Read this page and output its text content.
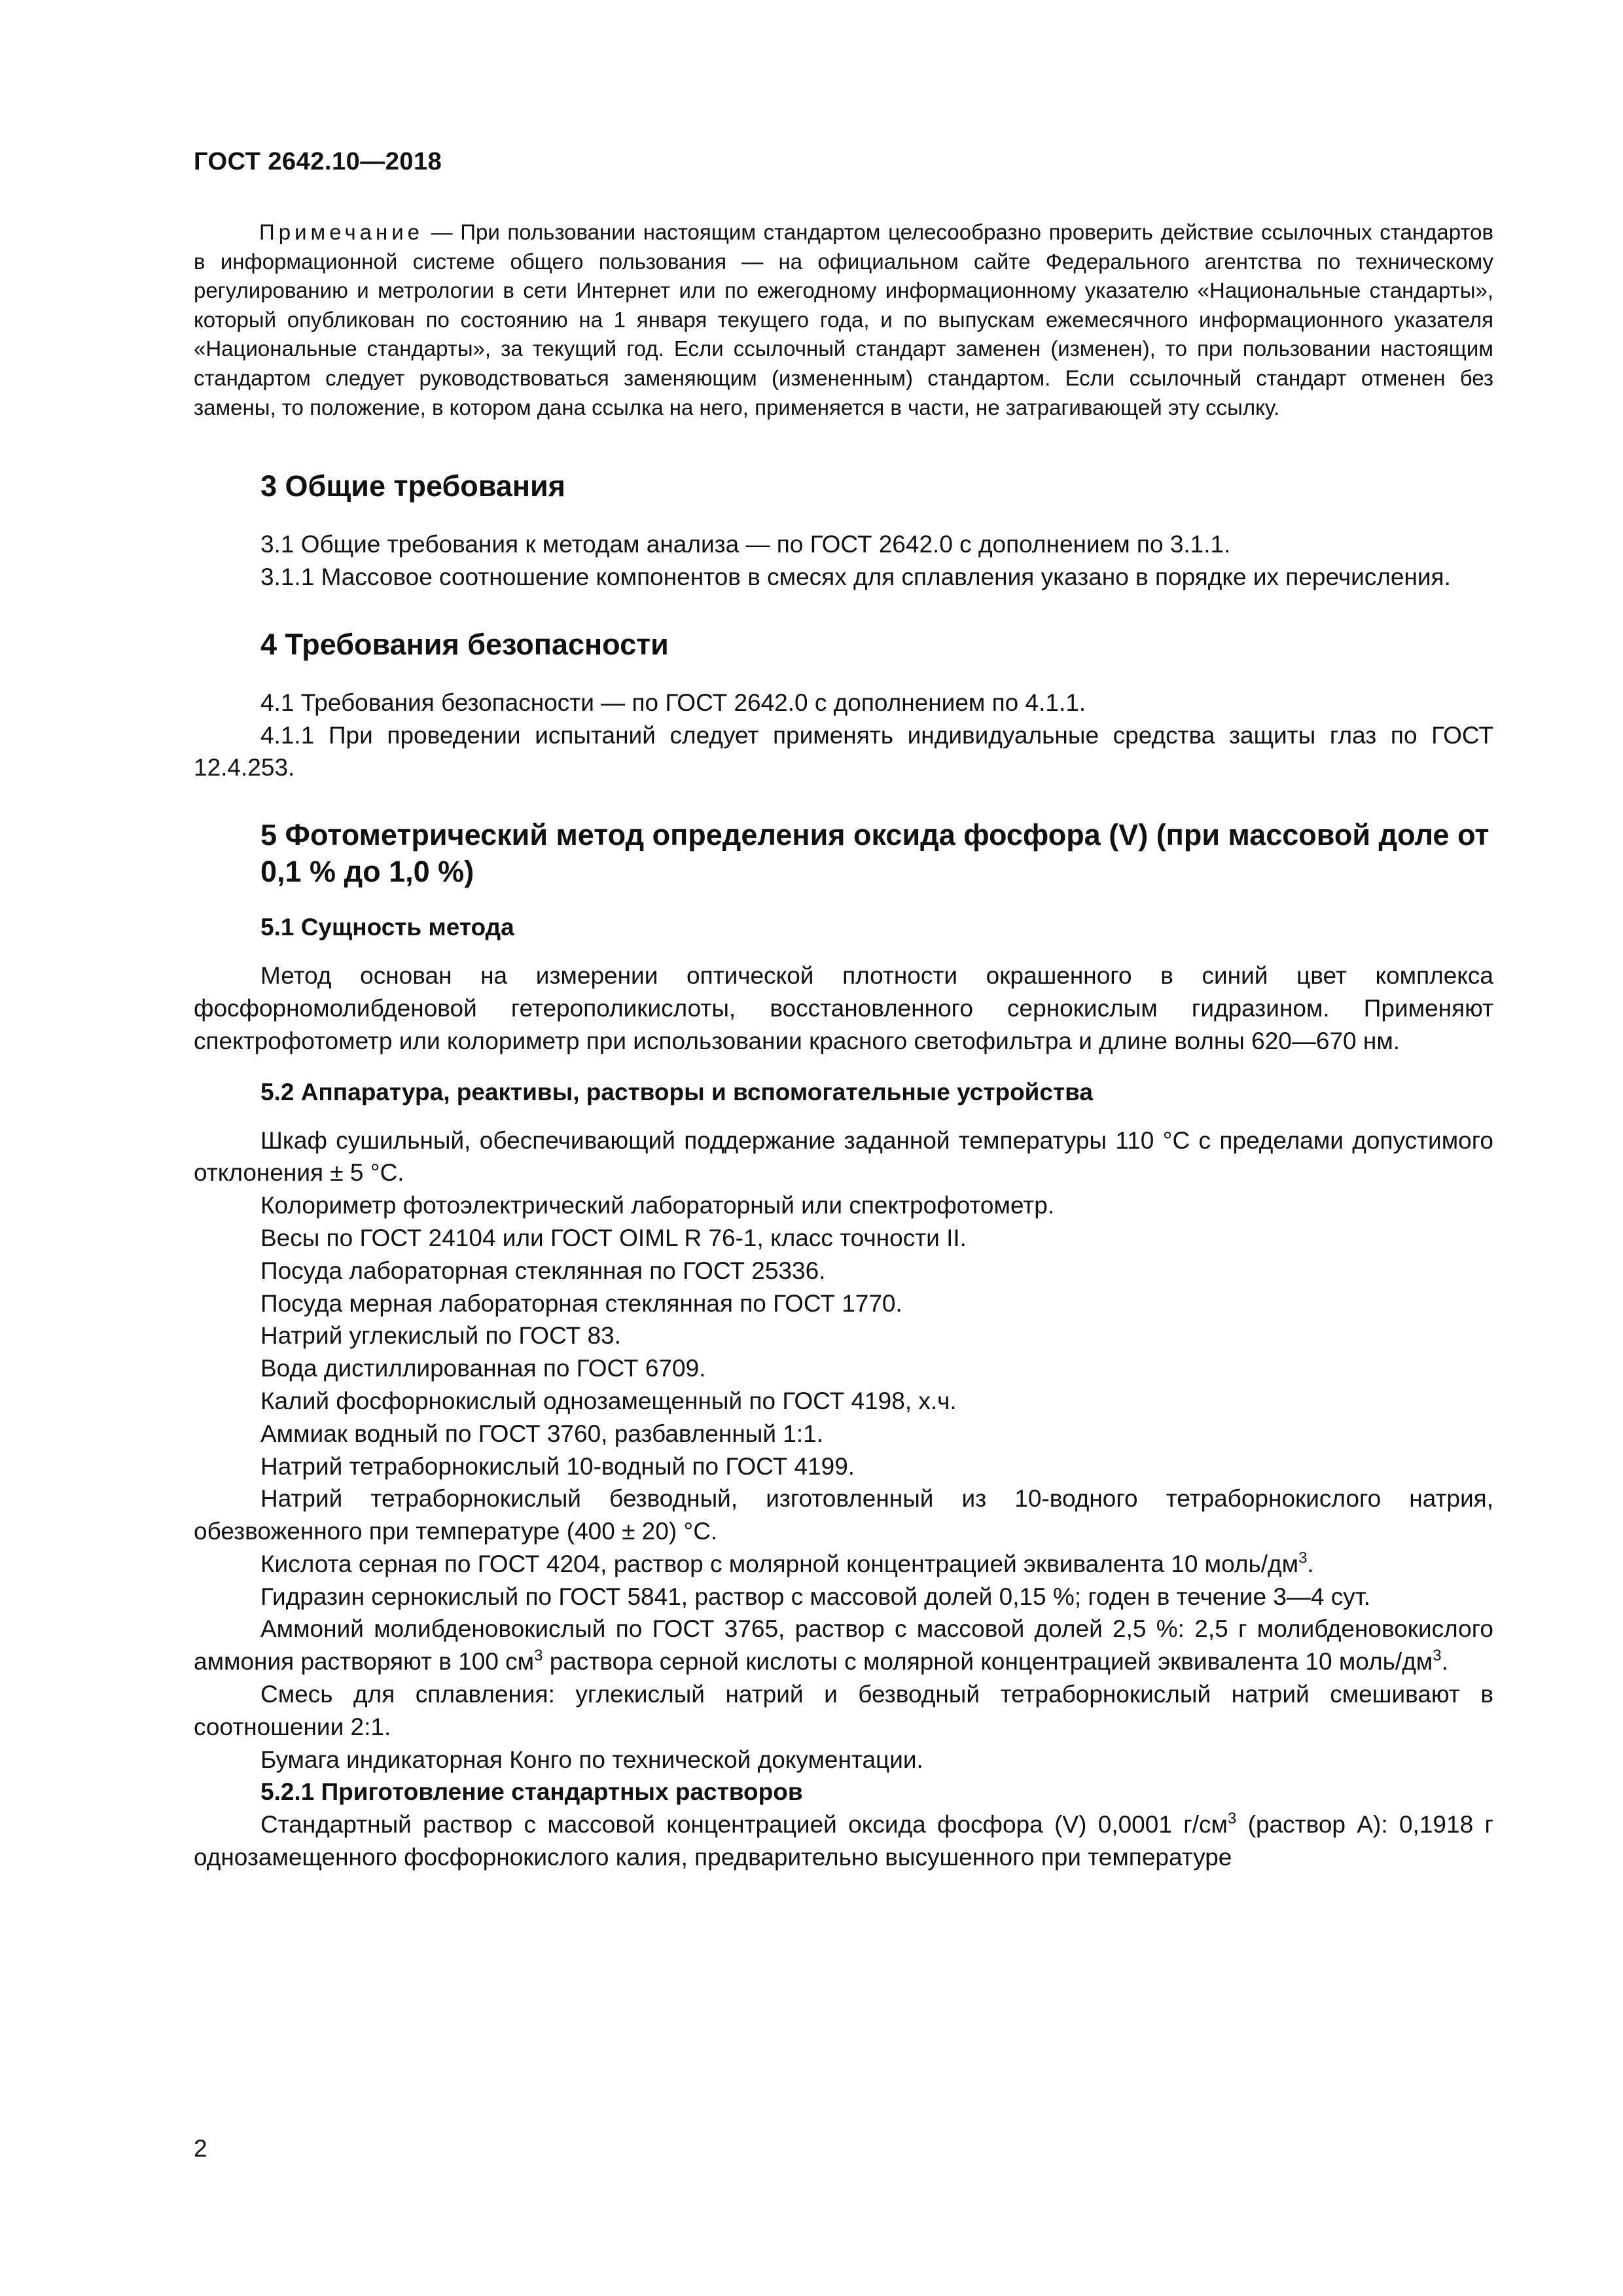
ГОСТ 2642.10—2018

Примечание — При пользовании настоящим стандартом целесообразно проверить действие ссылочных стандартов в информационной системе общего пользования — на официальном сайте Федерального агентства по техническому регулированию и метрологии в сети Интернет или по ежегодному информационному указателю «Национальные стандарты», который опубликован по состоянию на 1 января текущего года, и по выпускам ежемесячного информационного указателя «Национальные стандарты», за текущий год. Если ссылочный стандарт заменен (изменен), то при пользовании настоящим стандартом следует руководствоваться заменяющим (измененным) стандартом. Если ссылочный стандарт отменен без замены, то положение, в котором дана ссылка на него, применяется в части, не затрагивающей эту ссылку.

3 Общие требования

3.1 Общие требования к методам анализа — по ГОСТ 2642.0 с дополнением по 3.1.1.

3.1.1 Массовое соотношение компонентов в смесях для сплавления указано в порядке их перечисления.

4 Требования безопасности

4.1 Требования безопасности — по ГОСТ 2642.0 с дополнением по 4.1.1.

4.1.1 При проведении испытаний следует применять индивидуальные средства защиты глаз по ГОСТ 12.4.253.

5 Фотометрический метод определения оксида фосфора (V) (при массовой доле от 0,1 % до 1,0 %)
5.1 Сущность метода

Метод основан на измерении оптической плотности окрашенного в синий цвет комплекса фосфорномолибденовой гетерополикислоты, восстановленного сернокислым гидразином. Применяют спектрофотометр или колориметр при использовании красного светофильтра и длине волны 620—670 нм.

5.2 Аппаратура, реактивы, растворы и вспомогательные устройства

Шкаф сушильный, обеспечивающий поддержание заданной температуры 110 °С с пределами допустимого отклонения ± 5 °С.

Колориметр фотоэлектрический лабораторный или спектрофотометр.

Весы по ГОСТ 24104 или ГОСТ OIML R 76-1, класс точности II.

Посуда лабораторная стеклянная по ГОСТ 25336.

Посуда мерная лабораторная стеклянная по ГОСТ 1770.

Натрий углекислый по ГОСТ 83.

Вода дистиллированная по ГОСТ 6709.

Калий фосфорнокислый однозамещенный по ГОСТ 4198, х.ч.

Аммиак водный по ГОСТ 3760, разбавленный 1:1.

Натрий тетраборнокислый 10-водный по ГОСТ 4199.

Натрий тетраборнокислый безводный, изготовленный из 10-водного тетраборнокислого натрия, обезвоженного при температуре (400 ± 20) °С.

Кислота серная по ГОСТ 4204, раствор с молярной концентрацией эквивалента 10 моль/$дм^3$.

Гидразин сернокислый по ГОСТ 5841, раствор с массовой долей 0,15 %; годен в течение 3—4 сут.

Аммоний молибденовокислый по ГОСТ 3765, раствор с массовой долей 2,5 %: 2,5 г молибденовокислого аммония растворяют в 100 $см^3$ раствора серной кислоты с молярной концентрацией эквивалента 10 моль/$дм^3$.

Смесь для сплавления: углекислый натрий и безводный тетраборнокислый натрий смешивают в соотношении 2:1.

Бумага индикаторная Конго по технической документации.

5.2.1 Приготовление стандартных растворов

Стандартный раствор с массовой концентрацией оксида фосфора (V) 0,0001 $г/см^3$ (раствор А): 0,1918 г однозамещенного фосфорнокислого калия, предварительно высушенного при температуре

2
